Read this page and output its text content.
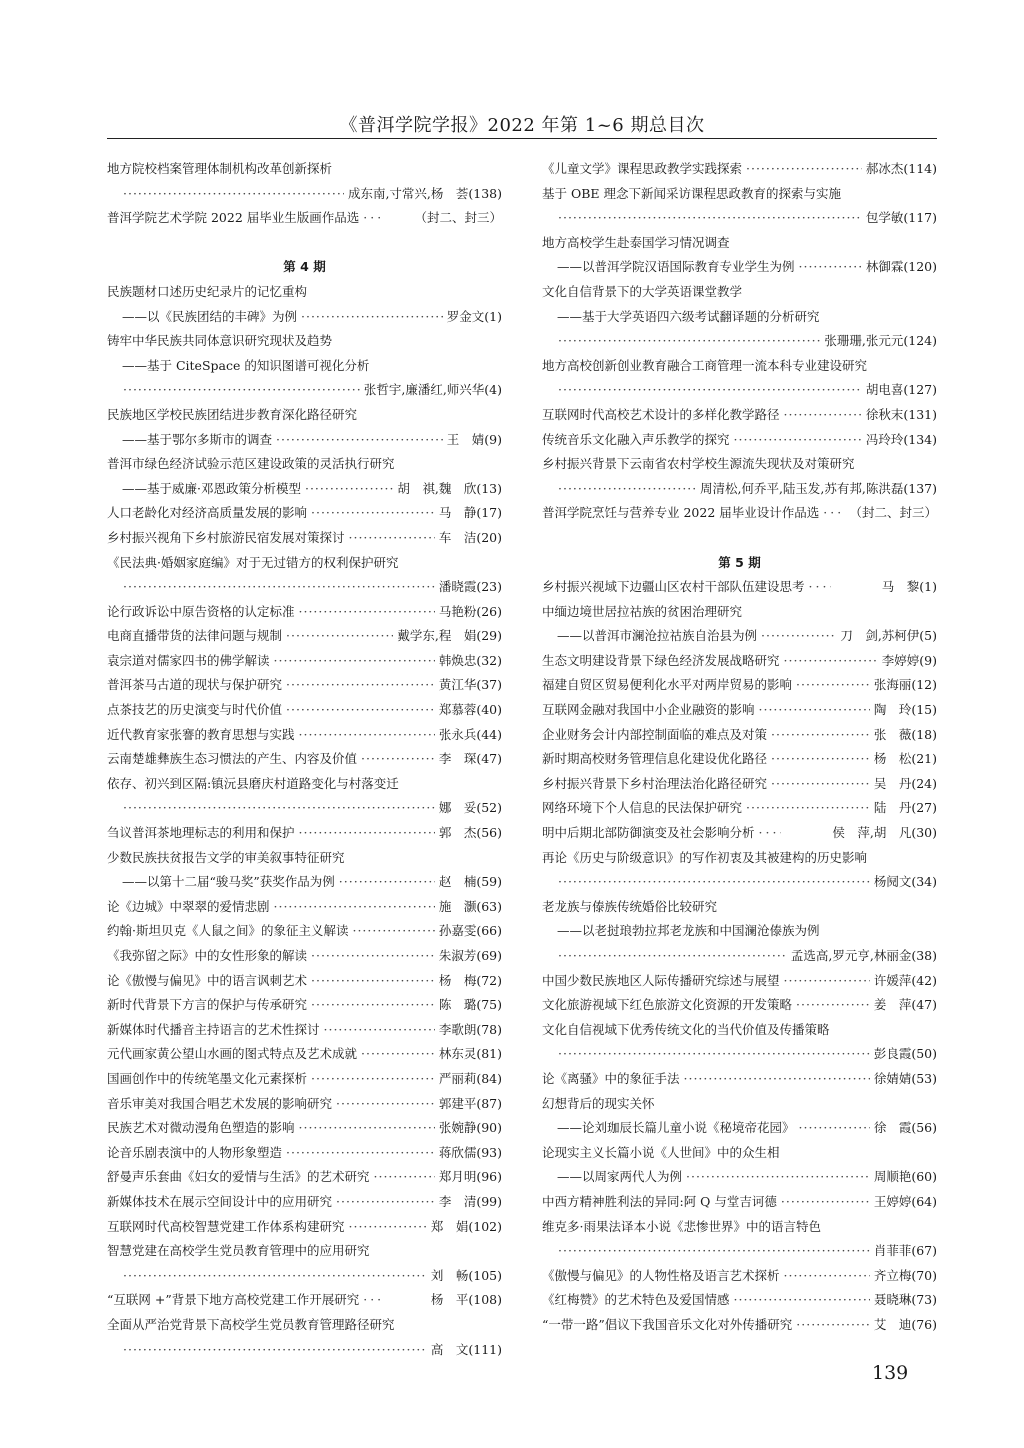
《普洱学院学报》2022 年第 1~6 期总目次
地方院校档案管理体制机构改革创新探析
·····
成东南,寸常兴,杨　荟(138)
普洱学院艺术学院 2022 届毕业生版画作品选 ·····	（封二、封三）
第 4 期
民族题材口述历史纪录片的记忆重构
——以《民族团结的丰碑》为例 ·····	罗金文(1)
铸牢中华民族共同体意识研究现状及趋势
——基于 CiteSpace 的知识图谱可视化分析
·····
张哲宇,廉潘红,师兴华(4)
民族地区学校民族团结进步教育深化路径研究
——基于鄂尔多斯市的调查 ·····	王　婧(9)
普洱市绿色经济试验示范区建设政策的灵活执行研究
——基于威廉·邓恩政策分析模型 ·····	胡　祺,魏　欣(13)
人口老龄化对经济高质量发展的影响 ·····	马　静(17)
乡村振兴视角下乡村旅游民宿发展对策探讨 ·····	车　洁(20)
《民法典·婚姻家庭编》对于无过错方的权利保护研究
·····
潘晓霞(23)
论行政诉讼中原告资格的认定标准 ·····	马艳粉(26)
电商直播带货的法律问题与规制 ·····	戴学东,程　娟(29)
袁宗道对儒家四书的佛学解读 ·····	韩焕忠(32)
普洱茶马古道的现状与保护研究 ·····	黄江华(37)
点茶技艺的历史演变与时代价值 ·····	郑慕蓉(40)
近代教育家张謇的教育思想与实践 ·····	张永兵(44)
云南楚雄彝族生态习惯法的产生、内容及价值 ·····	李　琛(47)
依存、初兴到区隔:镇沅县磨庆村道路变化与村落变迁
·····
娜　妥(52)
刍议普洱茶地理标志的利用和保护 ·····	郭　杰(56)
少数民族扶贫报告文学的审美叙事特征研究
——以第十二届“骏马奖”获奖作品为例 ·····	赵　楠(59)
论《边城》中翠翠的爱情悲剧 ·····	施　灏(63)
约翰·斯坦贝克《人鼠之间》的象征主义解读 ·····	孙嘉雯(66)
《我弥留之际》中的女性形象的解读 ·····	朱淑芳(69)
论《傲慢与偏见》中的语言讽刺艺术 ·····	杨　梅(72)
新时代背景下方言的保护与传承研究 ·····	陈　璐(75)
新媒体时代播音主持语言的艺术性探讨 ·····	李歌朗(78)
元代画家黄公望山水画的图式特点及艺术成就 ·····	林东灵(81)
国画创作中的传统笔墨文化元素探析 ·····	严丽莉(84)
音乐审美对我国合唱艺术发展的影响研究 ·····	郭建平(87)
民族艺术对微动漫角色塑造的影响 ·····	张婉静(90)
论音乐剧表演中的人物形象塑造 ·····	蒋欣儒(93)
舒曼声乐套曲《妇女的爱情与生活》的艺术研究 ·····	郑月明(96)
新媒体技术在展示空间设计中的应用研究 ·····	李　清(99)
互联网时代高校智慧党建工作体系构建研究 ·····	郑　娟(102)
智慧党建在高校学生党员教育管理中的应用研究
·····
刘　畅(105)
“互联网 +”背景下地方高校党建工作开展研究 ·····	杨　平(108)
全面从严治党背景下高校学生党员教育管理路径研究
·····
高　文(111)
《儿童文学》课程思政教学实践探索 ·····	郝冰杰(114)
基于 OBE 理念下新闻采访课程思政教育的探索与实施
·····
包学敏(117)
地方高校学生赴泰国学习情况调查
——以普洱学院汉语国际教育专业学生为例 ·····	林御霖(120)
文化自信背景下的大学英语课堂教学
——基于大学英语四六级考试翻译题的分析研究
·····
张珊珊,张元元(124)
地方高校创新创业教育融合工商管理一流本科专业建设研究
·····
胡电喜(127)
互联网时代高校艺术设计的多样化教学路径 ·····	徐秋末(131)
传统音乐文化融入声乐教学的探究 ·····	冯玲玲(134)
乡村振兴背景下云南省农村学校生源流失现状及对策研究
·····
周清松,何乔平,陆玉发,苏有邦,陈洪磊(137)
普洱学院烹饪与营养专业 2022 届毕业设计作品选 ····· （封二、封三）
第 5 期
乡村振兴视域下边疆山区农村干部队伍建设思考 ·····	马　黎(1)
中缅边境世居拉祜族的贫困治理研究
——以普洱市澜沧拉祜族自治县为例 ·····	刀　剑,苏柯伊(5)
生态文明建设背景下绿色经济发展战略研究 ·····	李婷婷(9)
福建自贸区贸易便利化水平对两岸贸易的影响 ·····	张海丽(12)
互联网金融对我国中小企业融资的影响 ·····	陶　玲(15)
企业财务会计内部控制面临的难点及对策 ·····	张　薇(18)
新时期高校财务管理信息化建设优化路径 ·····	杨　松(21)
乡村振兴背景下乡村治理法治化路径研究 ·····	吴　丹(24)
网络环境下个人信息的民法保护研究 ·····	陆　丹(27)
明中后期北部防御演变及社会影响分析 ·····	侯　萍,胡　凡(30)
再论《历史与阶级意识》的写作初衷及其被建构的历史影响
·····
杨阋文(34)
老龙族与傣族传统婚俗比较研究
——以老挝琅勃拉邦老龙族和中国澜沧傣族为例
·····
孟选高,罗元亨,林丽金(38)
中国少数民族地区人际传播研究综述与展望 ·····	许媛萍(42)
文化旅游视域下红色旅游文化资源的开发策略 ·····	姜　萍(47)
文化自信视域下优秀传统文化的当代价值及传播策略
·····
彭良霞(50)
论《离骚》中的象征手法 ·····	徐婧婧(53)
幻想背后的现实关怀
——论刘珈辰长篇儿童小说《秘境帝花园》 ·····	徐　霞(56)
论现实主义长篇小说《人世间》中的众生相
——以周家两代人为例 ·····	周顺艳(60)
中西方精神胜利法的异同:阿 Q 与堂吉诃德 ·····	王婷婷(64)
维克多·雨果法译本小说《悲惨世界》中的语言特色
·····
肖菲菲(67)
《傲慢与偏见》的人物性格及语言艺术探析 ·····	齐立梅(70)
《红梅赞》的艺术特色及爱国情感 ·····	聂晓琳(73)
“一带一路”倡议下我国音乐文化对外传播研究 ·····	艾　迪(76)
139
